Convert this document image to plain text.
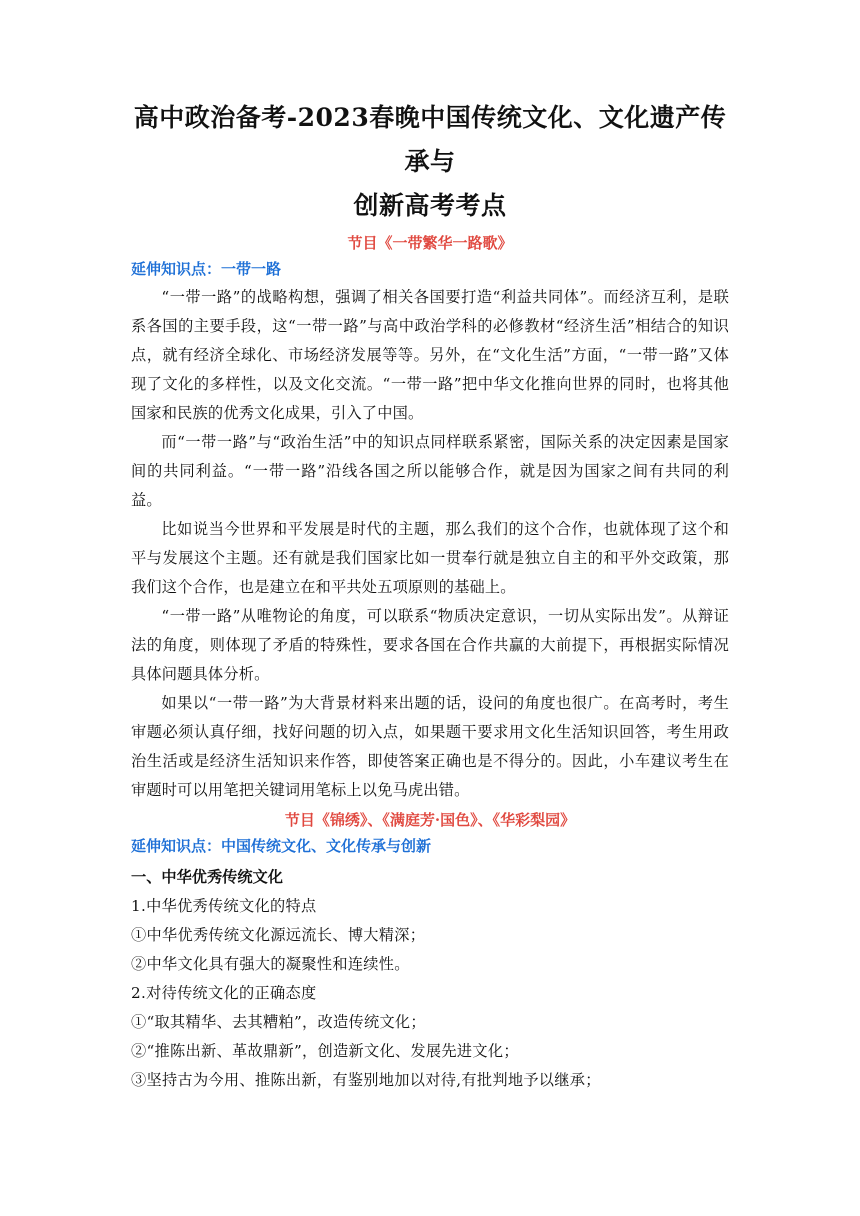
高中政治备考-2023春晚中国传统文化、文化遗产传承与
创新高考考点

节目《一带繁华一路歌》

延伸知识点：一带一路

“一带一路”的战略构想，强调了相关各国要打造“利益共同体”。而经济互利，是联系各国的主要手段，这“一带一路”与高中政治学科的必修教材“经济生活”相结合的知识点，就有经济全球化、市场经济发展等等。另外，在“文化生活”方面，“一带一路”又体现了文化的多样性，以及文化交流。“一带一路”把中华文化推向世界的同时，也将其他国家和民族的优秀文化成果，引入了中国。

而“一带一路”与“政治生活”中的知识点同样联系紧密，国际关系的决定因素是国家间的共同利益。“一带一路”沿线各国之所以能够合作，就是因为国家之间有共同的利益。

比如说当今世界和平发展是时代的主题，那么我们的这个合作，也就体现了这个和平与发展这个主题。还有就是我们国家比如一贯奉行就是独立自主的和平外交政策，那我们这个合作，也是建立在和平共处五项原则的基础上。

“一带一路”从唯物论的角度，可以联系“物质决定意识，一切从实际出发”。从辩证法的角度，则体现了矛盾的特殊性，要求各国在合作共赢的大前提下，再根据实际情况具体问题具体分析。

如果以“一带一路”为大背景材料来出题的话，设问的角度也很广。在高考时，考生审题必须认真仔细，找好问题的切入点，如果题干要求用文化生活知识回答，考生用政治生活或是经济生活知识来作答，即使答案正确也是不得分的。因此，小车建议考生在审题时可以用笔把关键词用笔标上以免马虎出错。

节目《锦绣》、《满庭芳·国色》、《华彩梨园》

延伸知识点：中国传统文化、文化传承与创新

一、中华优秀传统文化

1.中华优秀传统文化的特点

①中华优秀传统文化源远流长、博大精深；

②中华文化具有强大的凝聚性和连续性。

2.对待传统文化的正确态度

①“取其精华、去其糟粕”，改造传统文化；

②“推陈出新、革故鼎新”，创造新文化、发展先进文化；

③坚持古为今用、推陈出新，有鉴别地加以对待,有批判地予以继承；
